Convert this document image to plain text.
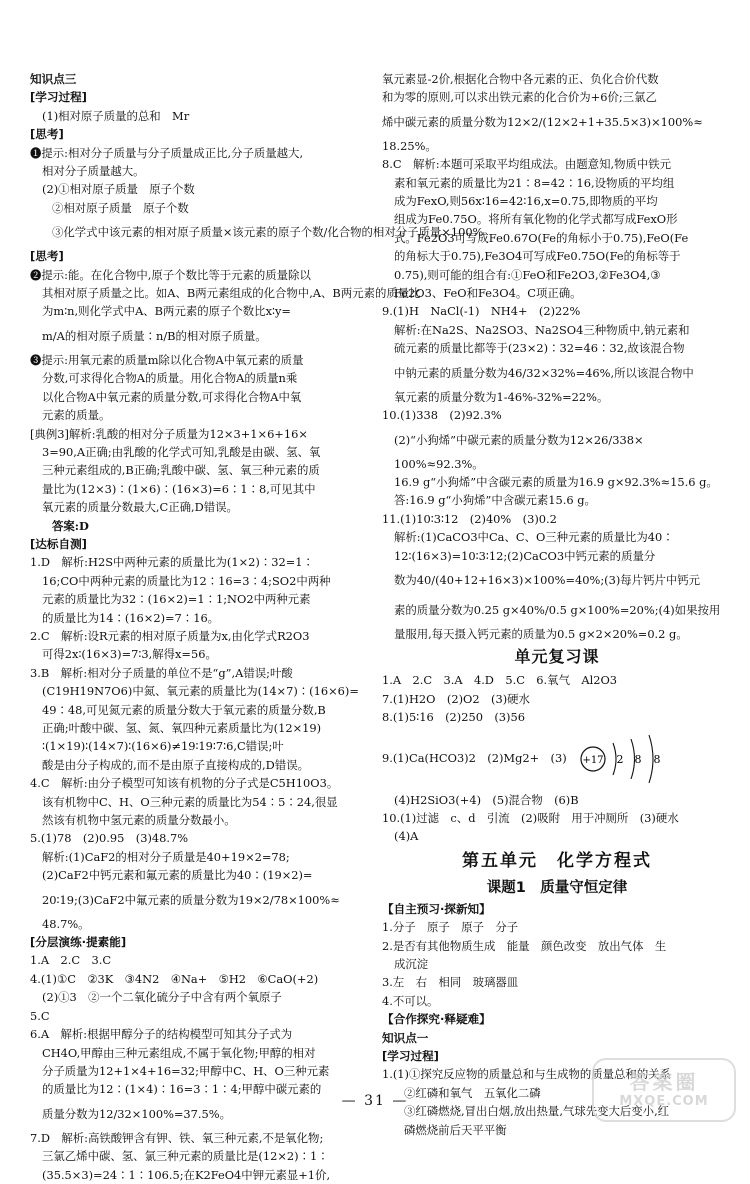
知识点三
[学习过程]
(1)相对原子质量的总和　Mr
[思考]
❶提示:相对分子质量与分子质量成正比,分子质量越大,
相对分子质量越大。
(2)①相对原子质量　原子个数
②相对原子质量　原子个数
③化学式中该元素的相对原子质量×该元素的原子个数/化合物的相对分子质量×100%
[思考]
❷提示:能。在化合物中,原子个数比等于元素的质量除以
其相对原子质量之比。如A、B两元素组成的化合物中,A、B两元素的质量比
为m∶n,则化学式中A、B两元素的原子个数比x∶y=
m/A的相对原子质量∶n/B的相对原子质量。
❸提示:用氧元素的质量m除以化合物A中氧元素的质量
分数,可求得化合物A的质量。用化合物A的质量n乘
以化合物A中氧元素的质量分数,可求得化合物A中氧
元素的质量。
[典例3]解析:乳酸的相对分子质量为12×3+1×6+16×
3=90,A正确;由乳酸的化学式可知,乳酸是由碳、氢、氧
三种元素组成的,B正确;乳酸中碳、氢、氧三种元素的质
量比为(12×3)∶(1×6)∶(16×3)=6∶1∶8,可见其中
氧元素的质量分数最大,C正确,D错误。
答案:D
[达标自测]
1.D　解析:H2S中两种元素的质量比为(1×2)∶32=1∶
16;CO中两种元素的质量比为12∶16=3∶4;SO2中两种
元素的质量比为32∶(16×2)=1∶1;NO2中两种元素
的质量比为14∶(16×2)=7∶16。
2.C　解析:设R元素的相对原子质量为x,由化学式R2O3
可得2x∶(16×3)=7∶3,解得x=56。
3.B　解析:相对分子质量的单位不是“g”,A错误;叶酸
(C19H19N7O6)中氮、氧元素的质量比为(14×7)∶(16×6)=
49∶48,可见氮元素的质量分数大于氧元素的质量分数,B
正确;叶酸中碳、氢、氮、氧四种元素质量比为(12×19)
∶(1×19)∶(14×7)∶(16×6)≠19∶19∶7∶6,C错误;叶
酸是由分子构成的,而不是由原子直接构成的,D错误。
4.C　解析:由分子模型可知该有机物的分子式是C5H10O3。
该有机物中C、H、O三种元素的质量比为54∶5∶24,很显
然该有机物中氢元素的质量分数最小。
5.(1)78　(2)0.95　(3)48.7%
解析:(1)CaF2的相对分子质量是40+19×2=78;
(2)CaF2中钙元素和氟元素的质量比为40∶(19×2)=
20∶19;(3)CaF2中氟元素的质量分数为19×2/78×100%≈
48.7%。
[分层演练·提素能]
1.A　2.C　3.C
4.(1)①C　②3K　③4N2　④Na+　⑤H2　⑥CaO(+2)
(2)①3　②一个二氧化硫分子中含有两个氧原子
5.C
6.A　解析:根据甲醇分子的结构模型可知其分子式为
CH4O,甲醇由三种元素组成,不属于氧化物;甲醇的相对
分子质量为12+1×4+16=32;甲醇中C、H、O三种元素
的质量比为12∶(1×4)∶16=3∶1∶4;甲醇中碳元素的
质量分数为12/32×100%=37.5%。
7.D　解析:高铁酸钾含有钾、铁、氧三种元素,不是氧化物;
三氯乙烯中碳、氢、氯三种元素的质量比是(12×2)∶1∶
(35.5×3)=24∶1∶106.5;在K2FeO4中钾元素显+1价,
氧元素显-2价,根据化合物中各元素的正、负化合价代数
和为零的原则,可以求出铁元素的化合价为+6价;三氯乙
烯中碳元素的质量分数为12×2/(12×2+1+35.5×3)×100%≈
18.25%。
8.C　解析:本题可采取平均组成法。由题意知,物质中铁元
素和氧元素的质量比为21∶8=42∶16,设物质的平均组
成为FexO,则56x∶16=42∶16,x=0.75,即物质的平均
组成为Fe0.75O。将所有氧化物的化学式都写成FexO形
式。Fe2O3可写成Fe0.67O(Fe的角标小于0.75),FeO(Fe
的角标大于0.75),Fe3O4可写成Fe0.75O(Fe的角标等于
0.75),则可能的组合有:①FeO和Fe2O3,②Fe3O4,③
Fe2O3、FeO和Fe3O4。C项正确。
9.(1)H　NaCl(-1)　NH4+　(2)22%
解析:在Na2S、Na2SO3、Na2SO4三种物质中,钠元素和
硫元素的质量比都等于(23×2)∶32=46∶32,故该混合物
中钠元素的质量分数为46/32×32%=46%,所以该混合物中
氧元素的质量分数为1-46%-32%=22%。
10.(1)338　(2)92.3%
(2)“小狗烯”中碳元素的质量分数为12×26/338×
100%≈92.3%。
16.9 g“小狗烯”中含碳元素的质量为16.9 g×92.3%≈15.6 g。
答:16.9 g“小狗烯”中含碳元素15.6 g。
11.(1)10∶3∶12　(2)40%　(3)0.2
解析:(1)CaCO3中Ca、C、O三种元素的质量比为40∶
12∶(16×3)=10∶3∶12;(2)CaCO3中钙元素的质量分
数为40/(40+12+16×3)×100%=40%;(3)每片钙片中钙元
素的质量分数为0.25 g×40%/0.5 g×100%=20%;(4)如果按用
量服用,每天摄入钙元素的质量为0.5 g×2×20%=0.2 g。
单元复习课
1.A　2.C　3.A　4.D　5.C　6.氧气　Al2O3
7.(1)H2O　(2)O2　(3)硬水
8.(1)5∶16　(2)250　(3)56
9.(1)Ca(HCO3)2　(2)Mg2+　(3) +17 2 8 8
(4)H2SiO3(+4)　(5)混合物　(6)B
10.(1)过滤　c、d　引流　(2)吸附　用于冲厕所　(3)硬水
(4)A
第五单元　化学方程式
课题1　质量守恒定律
【自主预习·探新知】
1.分子　原子　原子　分子
2.是否有其他物质生成　能量　颜色改变　放出气体　生
成沉淀
3.左　右　相同　玻璃器皿
4.不可以。
【合作探究·释疑难】
知识点一
[学习过程]
1.(1)①探究反应物的质量总和与生成物的质量总和的关系
②红磷和氧气　五氧化二磷
③红磷燃烧,冒出白烟,放出热量,气球先变大后变小,红
磷燃烧前后天平平衡
— 31 —
答案圈
MXQE.COM
